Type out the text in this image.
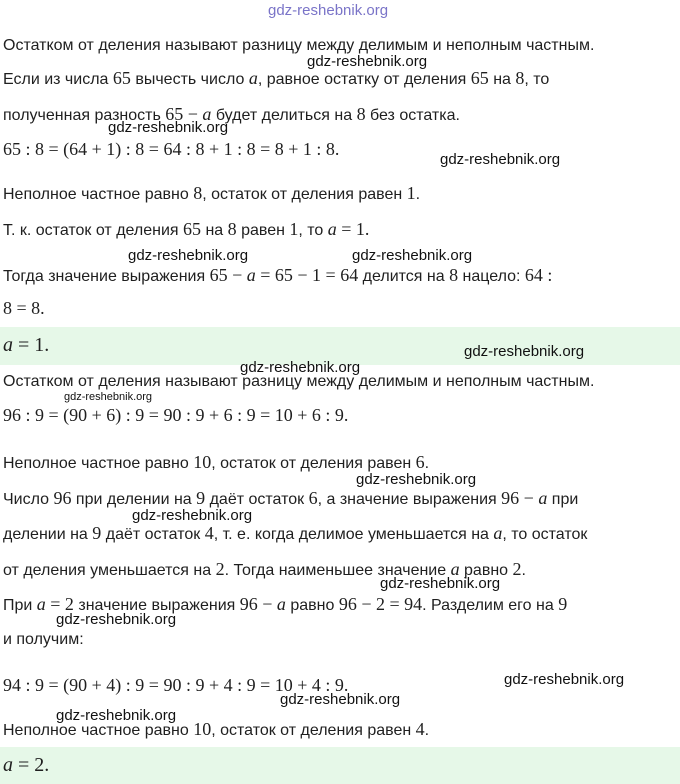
gdz-reshebnik.org
Остатком от деления называют разницу между делимым и неполным частным.
Если из числа 65 вычесть число a, равное остатку от деления 65 на 8, то
полученная разность 65 − a будет делиться на 8 без остатка.
65 : 8 = (64 + 1) : 8 = 64 : 8 + 1 : 8 = 8 + 1 : 8.
Неполное частное равно 8, остаток от деления равен 1.
Т. к. остаток от деления 65 на 8 равен 1, то a = 1.
Тогда значение выражения 65 − a = 65 − 1 = 64 делится на 8 нацело: 64 :
8 = 8.
a = 1.
Остатком от деления называют разницу между делимым и неполным частным.
96 : 9 = (90 + 6) : 9 = 90 : 9 + 6 : 9 = 10 + 6 : 9.
Неполное частное равно 10, остаток от деления равен 6.
Число 96 при делении на 9 даёт остаток 6, а значение выражения 96 − a при
делении на 9 даёт остаток 4, т. е. когда делимое уменьшается на a, то остаток
от деления уменьшается на 2. Тогда наименьшее значение a равно 2.
При a = 2 значение выражения 96 − a равно 96 − 2 = 94. Разделим его на 9
и получим:
94 : 9 = (90 + 4) : 9 = 90 : 9 + 4 : 9 = 10 + 4 : 9.
Неполное частное равно 10, остаток от деления равен 4.
a = 2.
gdz-reshebnik.org
gdz-reshebnik.org
gdz-reshebnik.org
gdz-reshebnik.org	gdz-reshebnik.org
gdz-reshebnik.org
gdz-reshebnik.org
gdz-reshebnik.org
gdz-reshebnik.org
gdz-reshebnik.org
gdz-reshebnik.org
gdz-reshebnik.org
gdz-reshebnik.org
gdz-reshebnik.org
gdz-reshebnik.org
